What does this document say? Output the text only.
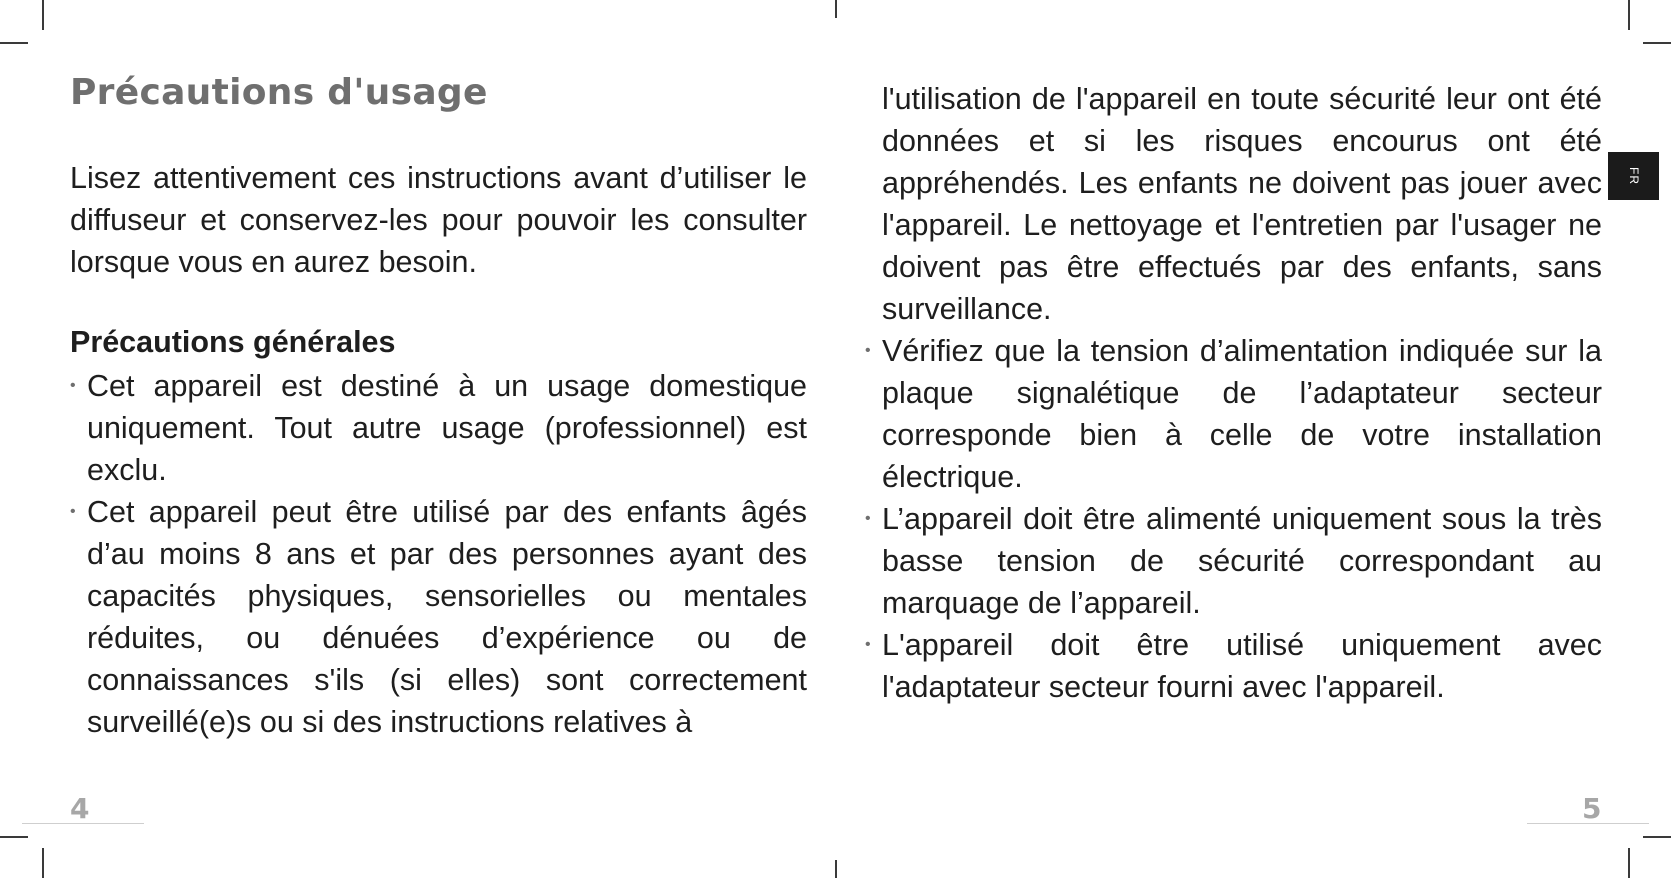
Précautions d'usage

Lisez attentivement ces instructions avant d’utiliser le diffuseur et conservez-les pour pouvoir les consulter lorsque vous en aurez besoin.

Précautions générales
• Cet appareil est destiné à un usage domestique uniquement. Tout autre usage (professionnel) est exclu.
• Cet appareil peut être utilisé par des enfants âgés d’au moins 8 ans et par des personnes ayant des capacités physiques, sensorielles ou mentales réduites, ou dénuées d’expérience ou de connaissances s'ils (si elles) sont correctement surveillé(e)s ou si des instructions relatives à

l'utilisation de l'appareil en toute sécurité leur ont été données et si les risques encourus ont été appréhendés. Les enfants ne doivent pas jouer avec l'appareil. Le nettoyage et l'entretien par l'usager ne doivent pas être effectués par des enfants, sans surveillance.

• Vérifiez que la tension d’alimentation indiquée sur la plaque signalétique de l’adaptateur secteur corresponde bien à celle de votre installation électrique.
• L’appareil doit être alimenté uniquement sous la très basse tension de sécurité correspondant au marquage de l’appareil.
• L'appareil doit être utilisé uniquement avec l'adaptateur secteur fourni avec l'appareil.
FR
4	5
